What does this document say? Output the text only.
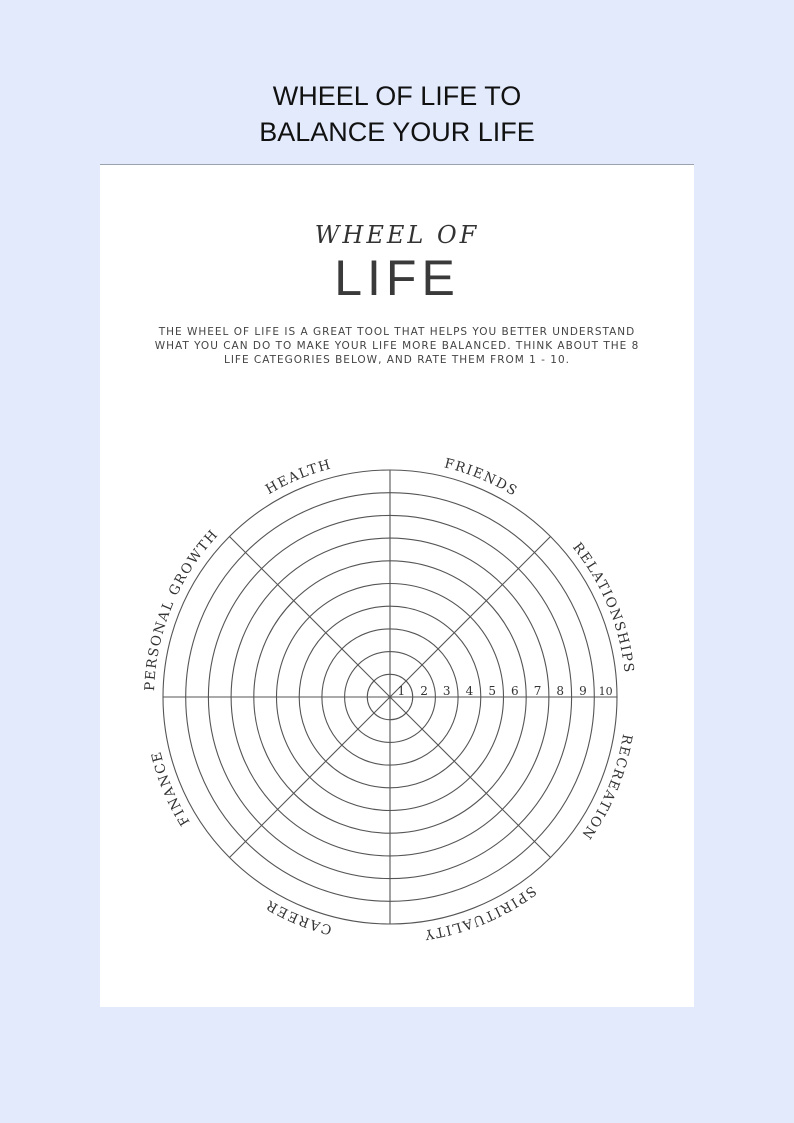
WHEEL OF LIFE TO
BALANCE YOUR LIFE
WHEEL OF
LIFE
THE WHEEL OF LIFE IS A GREAT TOOL THAT HELPS YOU BETTER UNDERSTAND WHAT YOU CAN DO TO MAKE YOUR LIFE MORE BALANCED. THINK ABOUT THE 8 LIFE CATEGORIES BELOW, AND RATE THEM FROM 1 - 10.
1 2 3 4 5 6 7 8 9 10
PERSONAL GROWTH
HEALTH	FRIENDS
RELATIONSHIPS
RECREATION
SPIRITUALITY
CAREER
FINANCE
